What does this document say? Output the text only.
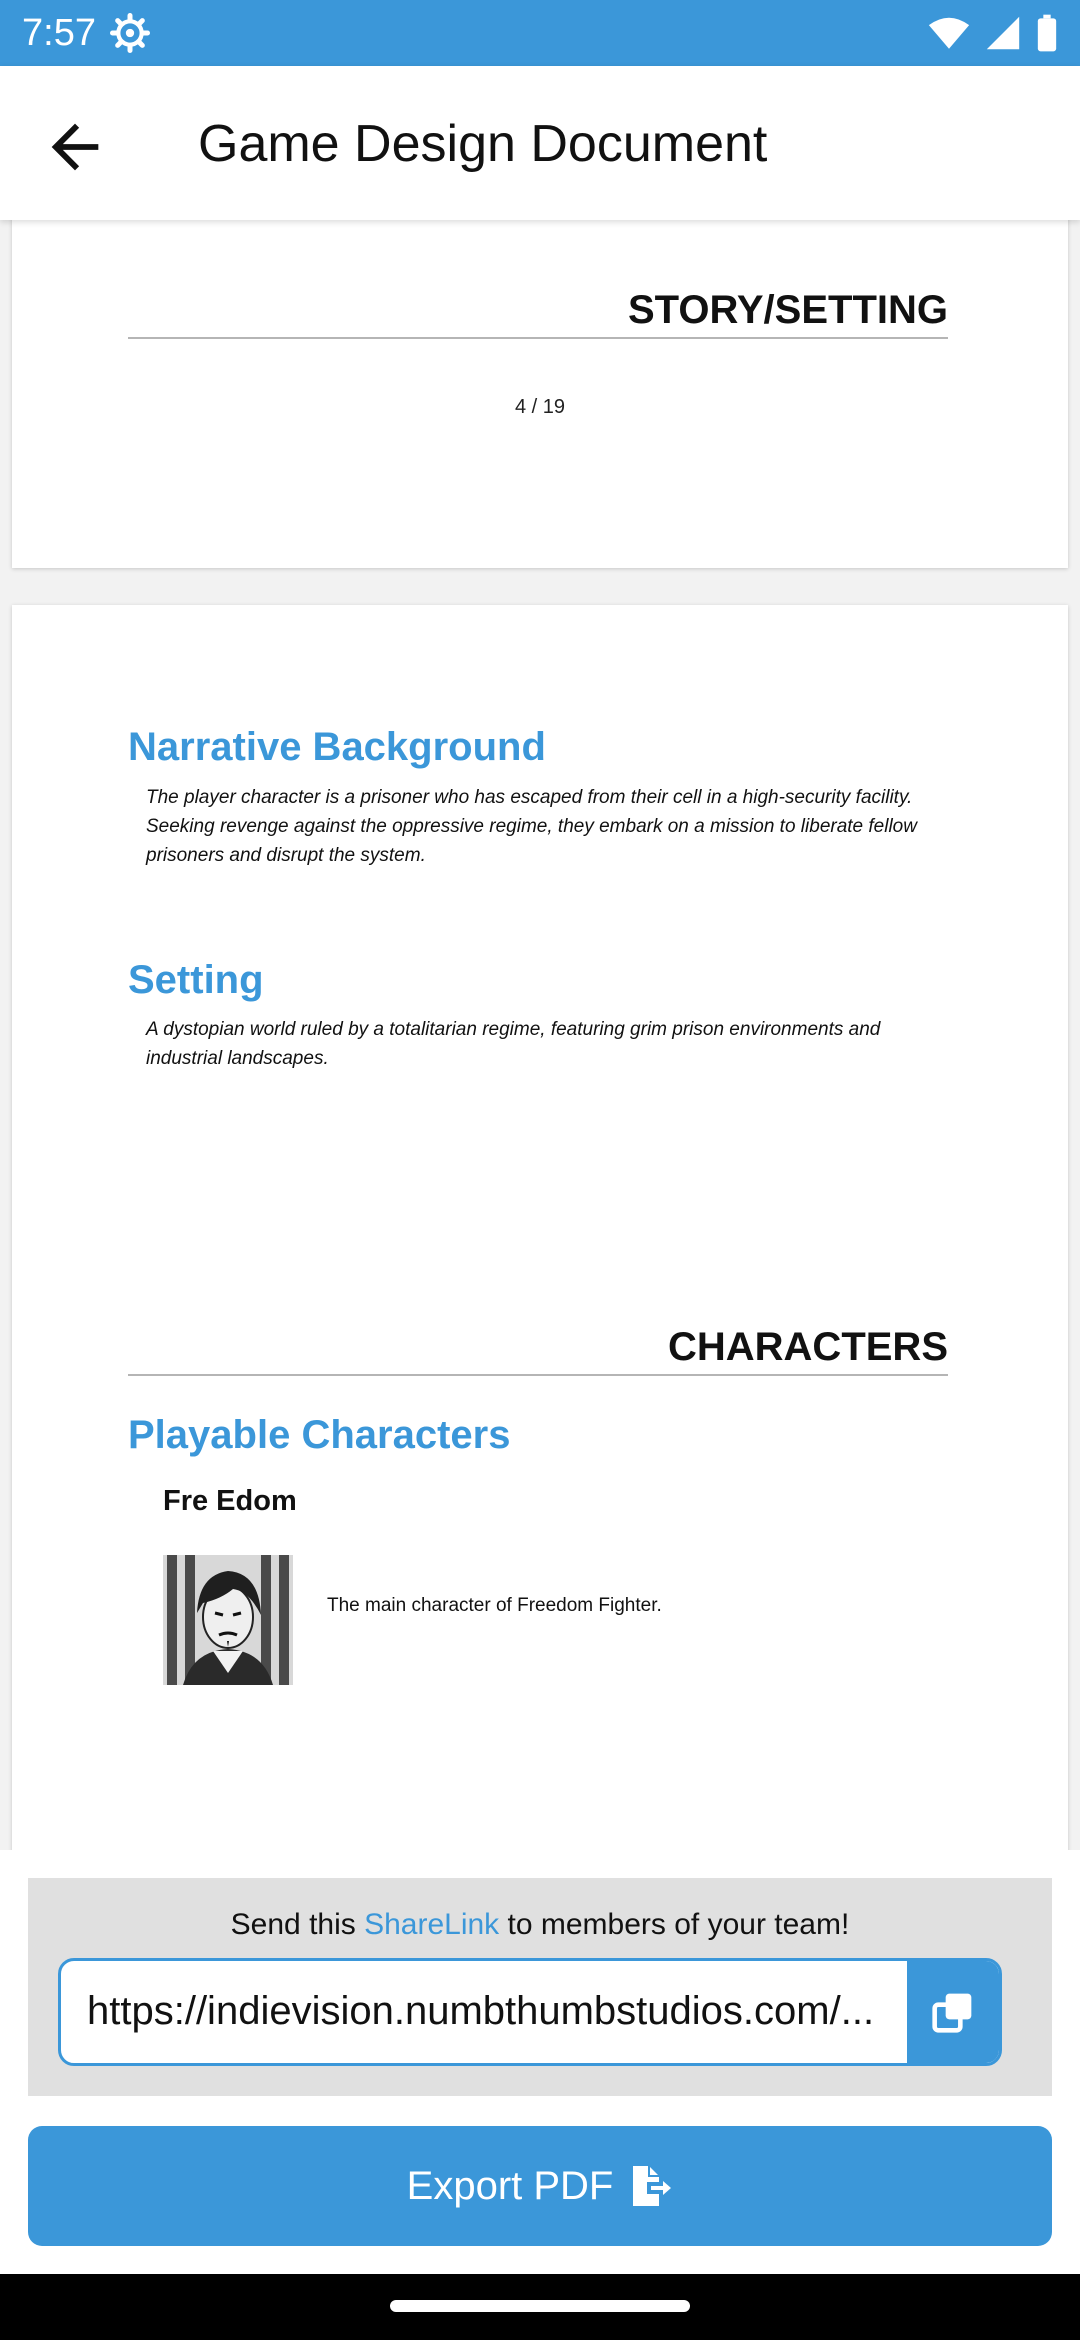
7:57
Game Design Document
STORY/SETTING
4 / 19
Narrative Background
The player character is a prisoner who has escaped from their cell in a high-security facility. Seeking revenge against the oppressive regime, they embark on a mission to liberate fellow prisoners and disrupt the system.
Setting
A dystopian world ruled by a totalitarian regime, featuring grim prison environments and industrial landscapes.
CHARACTERS
Playable Characters
Fre Edom
The main character of Freedom Fighter.
Send this ShareLink to members of your team!
https://indievision.numbthumbstudios.com/...
Export PDF
